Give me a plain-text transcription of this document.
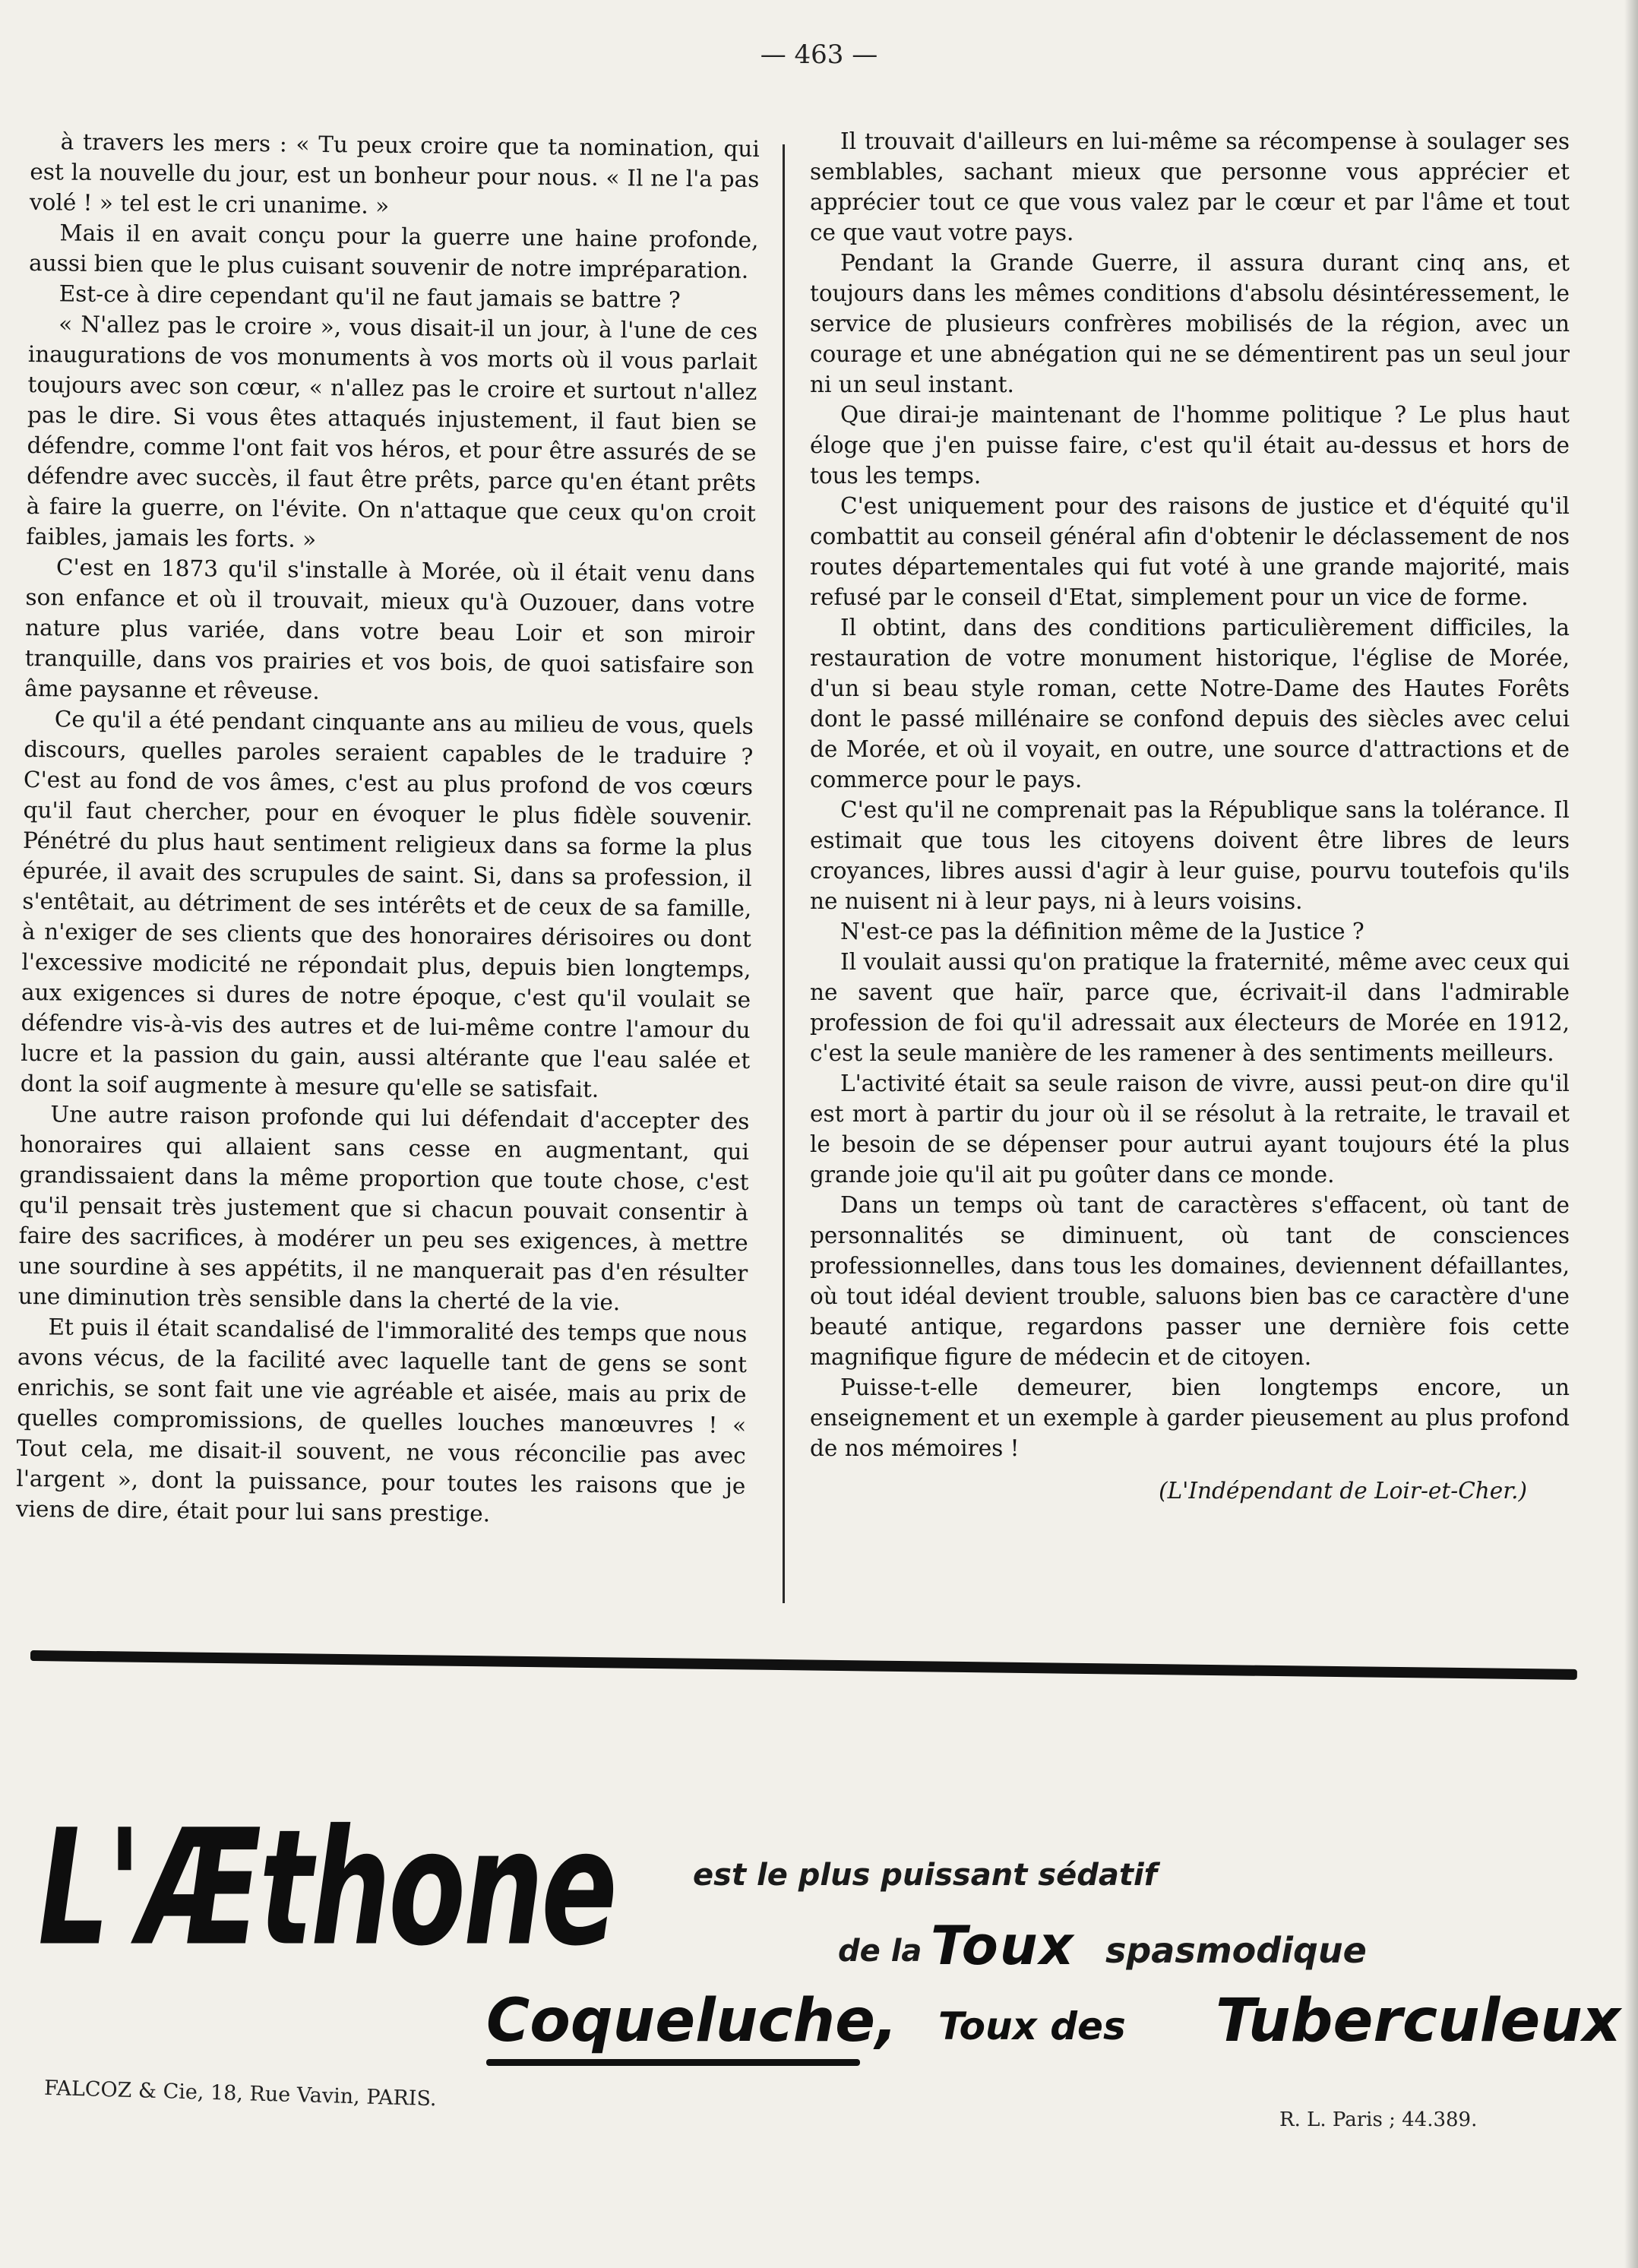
— 463 —

à travers les mers : « Tu peux croire que ta nomination, qui est la nouvelle du jour, est un bonheur pour nous. « Il ne l'a pas volé ! » tel est le cri unanime. »

Mais il en avait conçu pour la guerre une haine profonde, aussi bien que le plus cuisant souvenir de notre impréparation.

Est-ce à dire cependant qu'il ne faut jamais se battre ?

« N'allez pas le croire », vous disait-il un jour, à l'une de ces inaugurations de vos monuments à vos morts où il vous parlait toujours avec son cœur, « n'allez pas le croire et surtout n'allez pas le dire. Si vous êtes attaqués injustement, il faut bien se défendre, comme l'ont fait vos héros, et pour être assurés de se défendre avec succès, il faut être prêts, parce qu'en étant prêts à faire la guerre, on l'évite. On n'attaque que ceux qu'on croit faibles, jamais les forts. »

C'est en 1873 qu'il s'installe à Morée, où il était venu dans son enfance et où il trouvait, mieux qu'à Ouzouer, dans votre nature plus variée, dans votre beau Loir et son miroir tranquille, dans vos prairies et vos bois, de quoi satisfaire son âme paysanne et rêveuse.

Ce qu'il a été pendant cinquante ans au milieu de vous, quels discours, quelles paroles seraient capables de le traduire ? C'est au fond de vos âmes, c'est au plus profond de vos cœurs qu'il faut chercher, pour en évoquer le plus fidèle souvenir. Pénétré du plus haut sentiment religieux dans sa forme la plus épurée, il avait des scrupules de saint. Si, dans sa profession, il s'entêtait, au détriment de ses intérêts et de ceux de sa famille, à n'exiger de ses clients que des honoraires dérisoires ou dont l'excessive modicité ne répondait plus, depuis bien longtemps, aux exigences si dures de notre époque, c'est qu'il voulait se défendre vis-à-vis des autres et de lui-même contre l'amour du lucre et la passion du gain, aussi altérante que l'eau salée et dont la soif augmente à mesure qu'elle se satisfait.

Une autre raison profonde qui lui défendait d'accepter des honoraires qui allaient sans cesse en augmentant, qui grandissaient dans la même proportion que toute chose, c'est qu'il pensait très justement que si chacun pouvait consentir à faire des sacrifices, à modérer un peu ses exigences, à mettre une sourdine à ses appétits, il ne manquerait pas d'en résulter une diminution très sensible dans la cherté de la vie.

Et puis il était scandalisé de l'immoralité des temps que nous avons vécus, de la facilité avec laquelle tant de gens se sont enrichis, se sont fait une vie agréable et aisée, mais au prix de quelles compromissions, de quelles louches manœuvres ! « Tout cela, me disait-il souvent, ne vous réconcilie pas avec l'argent », dont la puissance, pour toutes les raisons que je viens de dire, était pour lui sans prestige.

Il trouvait d'ailleurs en lui-même sa récompense à soulager ses semblables, sachant mieux que personne vous apprécier et apprécier tout ce que vous valez par le cœur et par l'âme et tout ce que vaut votre pays.

Pendant la Grande Guerre, il assura durant cinq ans, et toujours dans les mêmes conditions d'absolu désintéressement, le service de plusieurs confrères mobilisés de la région, avec un courage et une abnégation qui ne se démentirent pas un seul jour ni un seul instant.

Que dirai-je maintenant de l'homme politique ? Le plus haut éloge que j'en puisse faire, c'est qu'il était au-dessus et hors de tous les temps.

C'est uniquement pour des raisons de justice et d'équité qu'il combattit au conseil général afin d'obtenir le déclassement de nos routes départementales qui fut voté à une grande majorité, mais refusé par le conseil d'Etat, simplement pour un vice de forme.

Il obtint, dans des conditions particulièrement difficiles, la restauration de votre monument historique, l'église de Morée, d'un si beau style roman, cette Notre-Dame des Hautes Forêts dont le passé millénaire se confond depuis des siècles avec celui de Morée, et où il voyait, en outre, une source d'attractions et de commerce pour le pays.

C'est qu'il ne comprenait pas la République sans la tolérance. Il estimait que tous les citoyens doivent être libres de leurs croyances, libres aussi d'agir à leur guise, pourvu toutefois qu'ils ne nuisent ni à leur pays, ni à leurs voisins.

N'est-ce pas la définition même de la Justice ?

Il voulait aussi qu'on pratique la fraternité, même avec ceux qui ne savent que haïr, parce que, écrivait-il dans l'admirable profession de foi qu'il adressait aux électeurs de Morée en 1912, c'est la seule manière de les ramener à des sentiments meilleurs.

L'activité était sa seule raison de vivre, aussi peut-on dire qu'il est mort à partir du jour où il se résolut à la retraite, le travail et le besoin de se dépenser pour autrui ayant toujours été la plus grande joie qu'il ait pu goûter dans ce monde.

Dans un temps où tant de caractères s'effacent, où tant de personnalités se diminuent, où tant de consciences professionnelles, dans tous les domaines, deviennent défaillantes, où tout idéal devient trouble, saluons bien bas ce caractère d'une beauté antique, regardons passer une dernière fois cette magnifique figure de médecin et de citoyen.

Puisse-t-elle demeurer, bien longtemps encore, un enseignement et un exemple à garder pieusement au plus profond de nos mémoires !

(L'Indépendant de Loir-et-Cher.)

L'Æthone	est le plus puissant sédatif
de la Toux spasmodique
Coqueluche, Toux des Tuberculeux
FALCOZ & Cie, 18, Rue Vavin, PARIS.
R. L. Paris ; 44.389.
